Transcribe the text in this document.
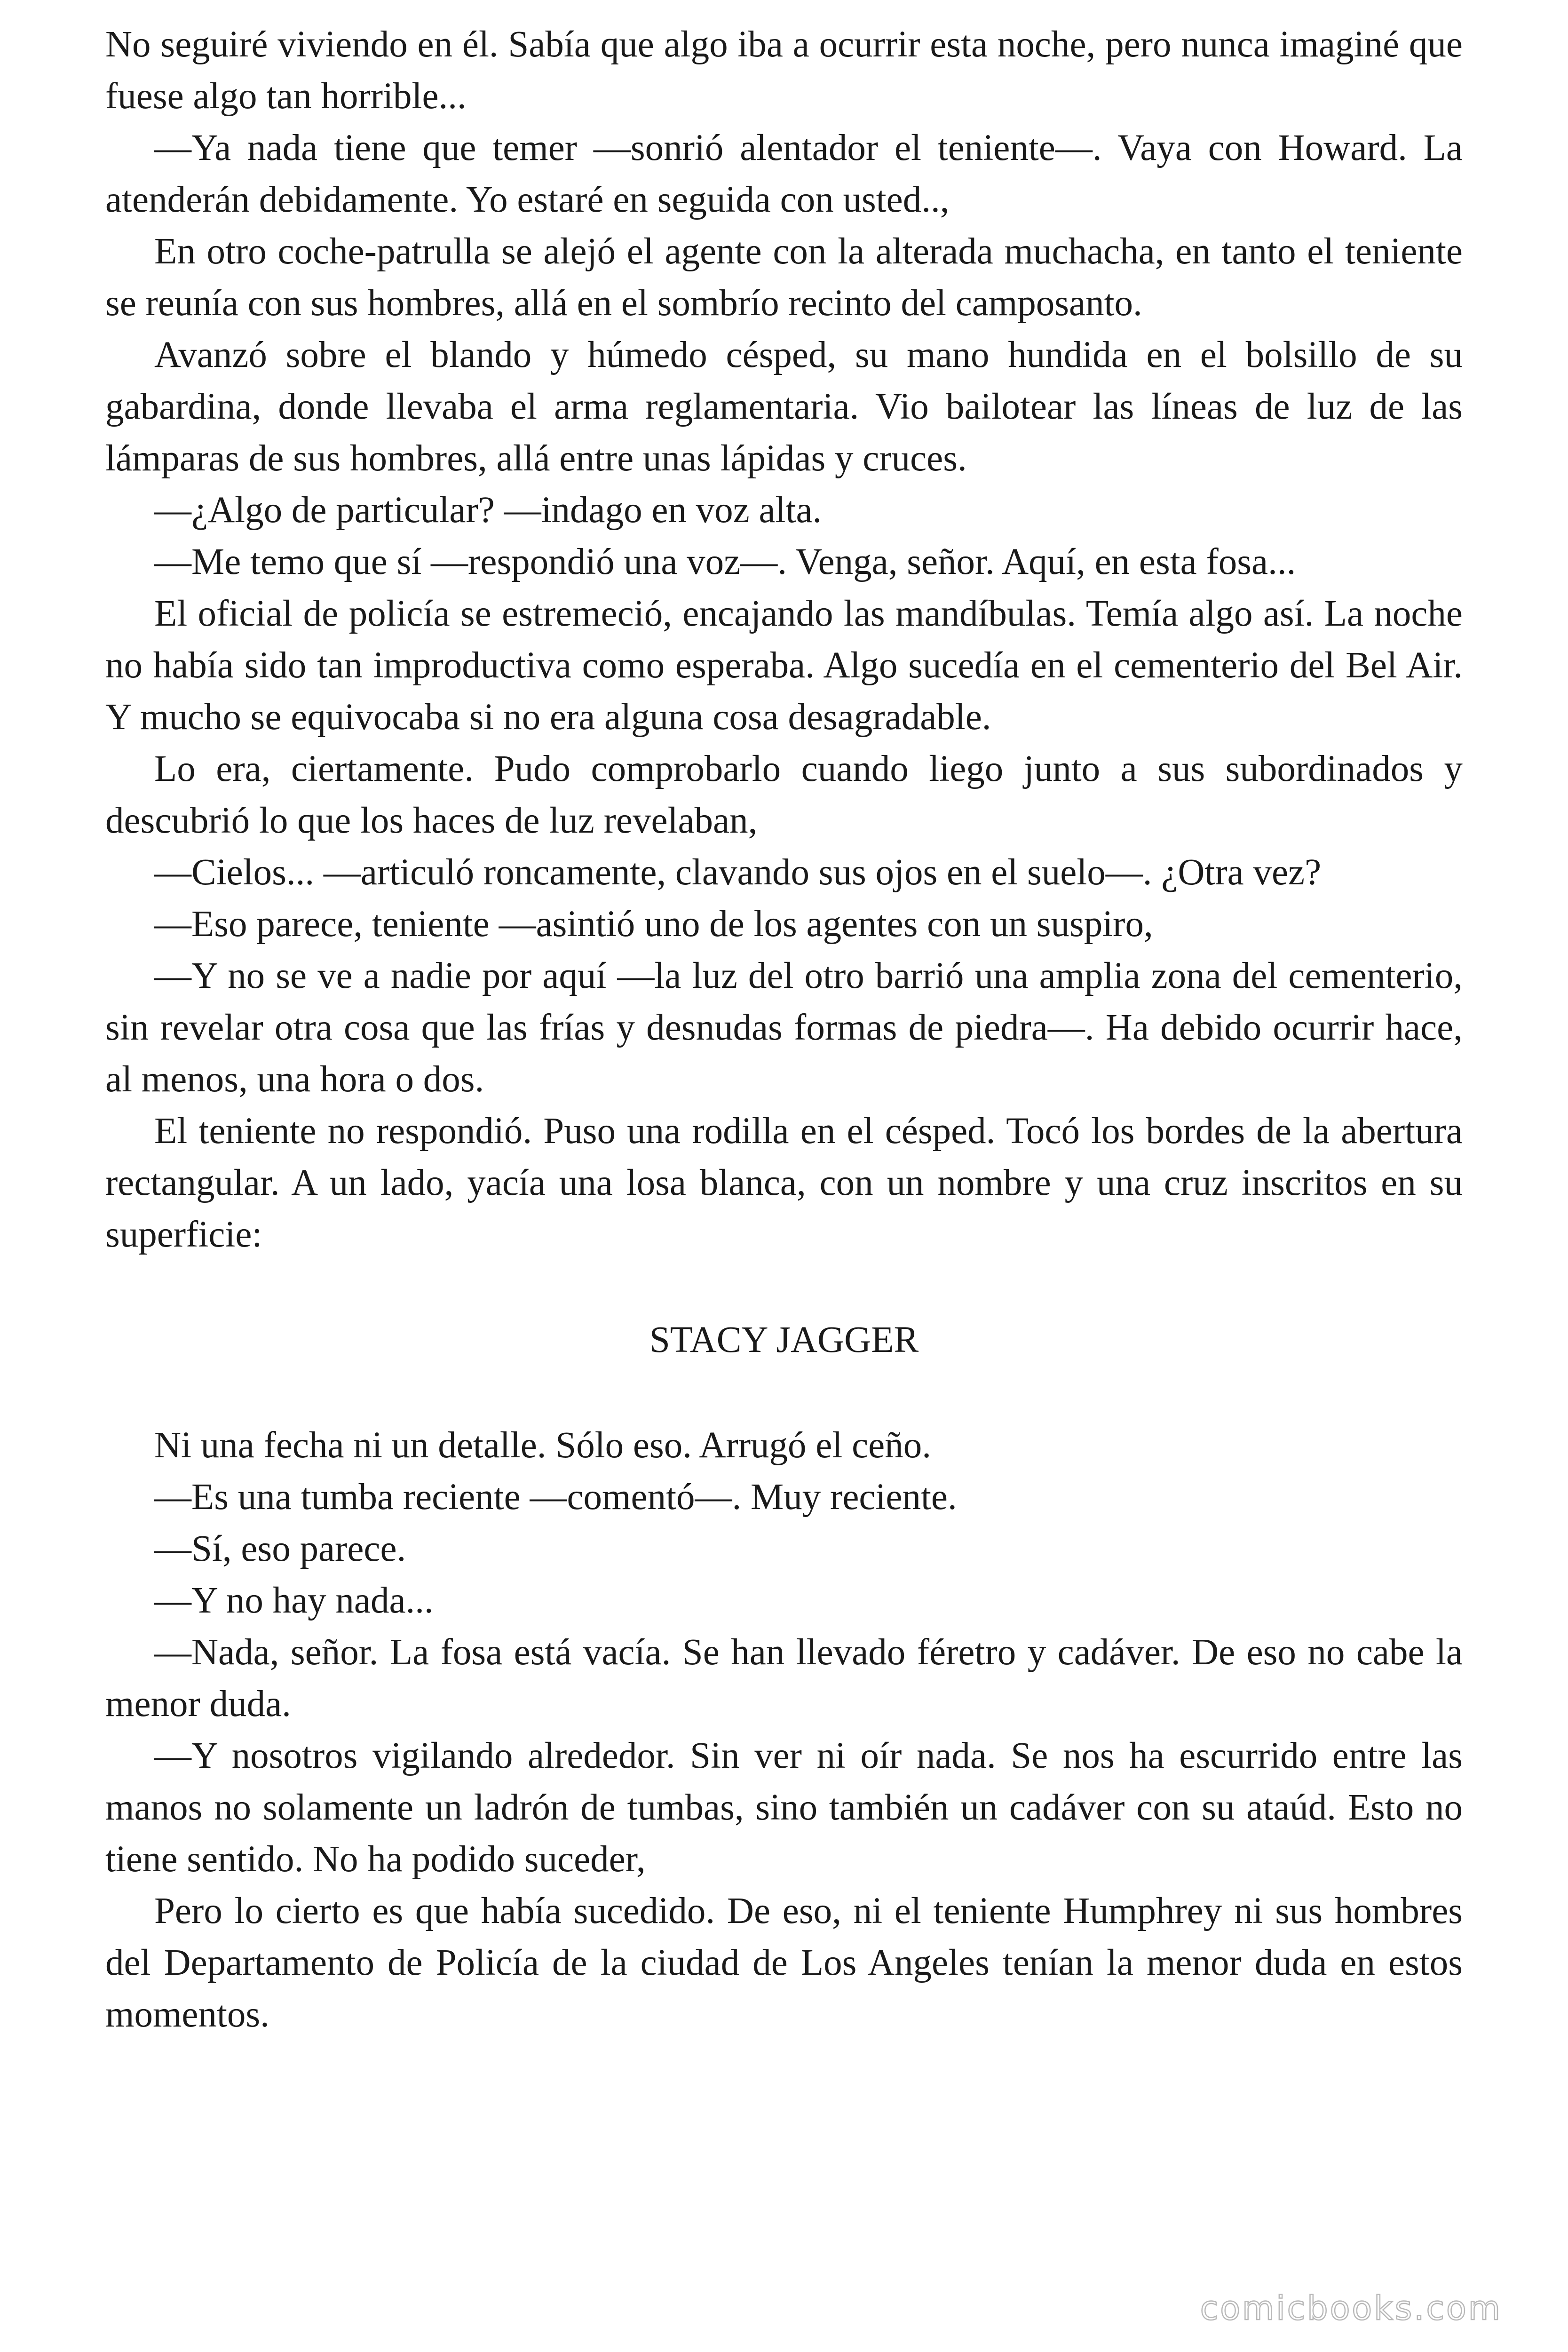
No seguiré viviendo en él. Sabía que algo iba a ocurrir esta noche, pero nunca imaginé que fuese algo tan horrible...

—Ya nada tiene que temer —sonrió alentador el teniente—. Vaya con Howard. La atenderán debidamente. Yo estaré en seguida con usted..,

En otro coche-patrulla se alejó el agente con la alterada muchacha, en tanto el teniente se reunía con sus hombres, allá en el sombrío recinto del camposanto.

Avanzó sobre el blando y húmedo césped, su mano hundida en el bolsillo de su gabardina, donde llevaba el arma reglamentaria. Vio bailotear las líneas de luz de las lámparas de sus hombres, allá entre unas lápidas y cruces.

—¿Algo de particular? —indago en voz alta.

—Me temo que sí —respondió una voz—. Venga, señor. Aquí, en esta fosa...

El oficial de policía se estremeció, encajando las mandíbulas. Temía algo así. La noche no había sido tan improductiva como esperaba. Algo sucedía en el cementerio del Bel Air. Y mucho se equivocaba si no era alguna cosa desagradable.

Lo era, ciertamente. Pudo comprobarlo cuando liego junto a sus subordinados y descubrió lo que los haces de luz revelaban,

—Cielos... —articuló roncamente, clavando sus ojos en el suelo—. ¿Otra vez?

—Eso parece, teniente —asintió uno de los agentes con un suspiro,

—Y no se ve a nadie por aquí —la luz del otro barrió una amplia zona del cementerio, sin revelar otra cosa que las frías y desnudas formas de piedra—. Ha debido ocurrir hace, al menos, una hora o dos.

El teniente no respondió. Puso una rodilla en el césped. Tocó los bordes de la abertura rectangular. A un lado, yacía una losa blanca, con un nombre y una cruz inscritos en su superficie:

STACY JAGGER

Ni una fecha ni un detalle. Sólo eso. Arrugó el ceño.

—Es una tumba reciente —comentó—. Muy reciente.

—Sí, eso parece.

—Y no hay nada...

—Nada, señor. La fosa está vacía. Se han llevado féretro y cadáver. De eso no cabe la menor duda.

—Y nosotros vigilando alrededor. Sin ver ni oír nada. Se nos ha escurrido entre las manos no solamente un ladrón de tumbas, sino también un cadáver con su ataúd. Esto no tiene sentido. No ha podido suceder,

Pero lo cierto es que había sucedido. De eso, ni el teniente Humphrey ni sus hombres del Departamento de Policía de la ciudad de Los Angeles tenían la menor duda en estos momentos.

comicbooks.com
